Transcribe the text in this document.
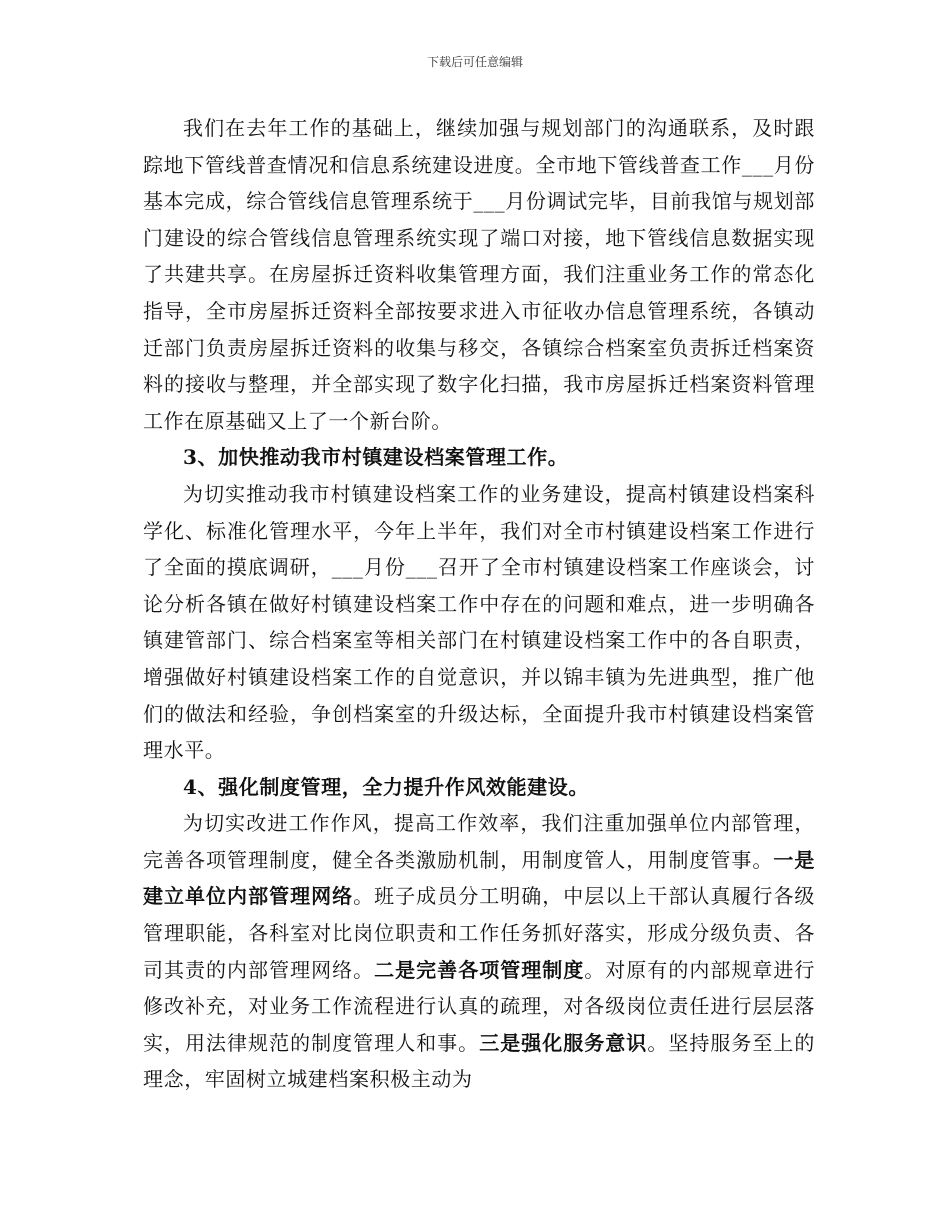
下载后可任意编辑

我们在去年工作的基础上，继续加强与规划部门的沟通联系，及时跟踪地下管线普查情况和信息系统建设进度。全市地下管线普查工作___月份基本完成，综合管线信息管理系统于___月份调试完毕，目前我馆与规划部门建设的综合管线信息管理系统实现了端口对接，地下管线信息数据实现了共建共享。在房屋拆迁资料收集管理方面，我们注重业务工作的常态化指导，全市房屋拆迁资料全部按要求进入市征收办信息管理系统，各镇动迁部门负责房屋拆迁资料的收集与移交，各镇综合档案室负责拆迁档案资料的接收与整理，并全部实现了数字化扫描，我市房屋拆迁档案资料管理工作在原基础又上了一个新台阶。

3、加快推动我市村镇建设档案管理工作。

为切实推动我市村镇建设档案工作的业务建设，提高村镇建设档案科学化、标准化管理水平，今年上半年，我们对全市村镇建设档案工作进行了全面的摸底调研，___月份___召开了全市村镇建设档案工作座谈会，讨论分析各镇在做好村镇建设档案工作中存在的问题和难点，进一步明确各镇建管部门、综合档案室等相关部门在村镇建设档案工作中的各自职责，增强做好村镇建设档案工作的自觉意识，并以锦丰镇为先进典型，推广他们的做法和经验，争创档案室的升级达标，全面提升我市村镇建设档案管理水平。

4、强化制度管理，全力提升作风效能建设。

为切实改进工作作风，提高工作效率，我们注重加强单位内部管理，完善各项管理制度，健全各类激励机制，用制度管人，用制度管事。一是建立单位内部管理网络。班子成员分工明确，中层以上干部认真履行各级管理职能，各科室对比岗位职责和工作任务抓好落实，形成分级负责、各司其责的内部管理网络。二是完善各项管理制度。对原有的内部规章进行修改补充，对业务工作流程进行认真的疏理，对各级岗位责任进行层层落实，用法律规范的制度管理人和事。三是强化服务意识。坚持服务至上的理念，牢固树立城建档案积极主动为
